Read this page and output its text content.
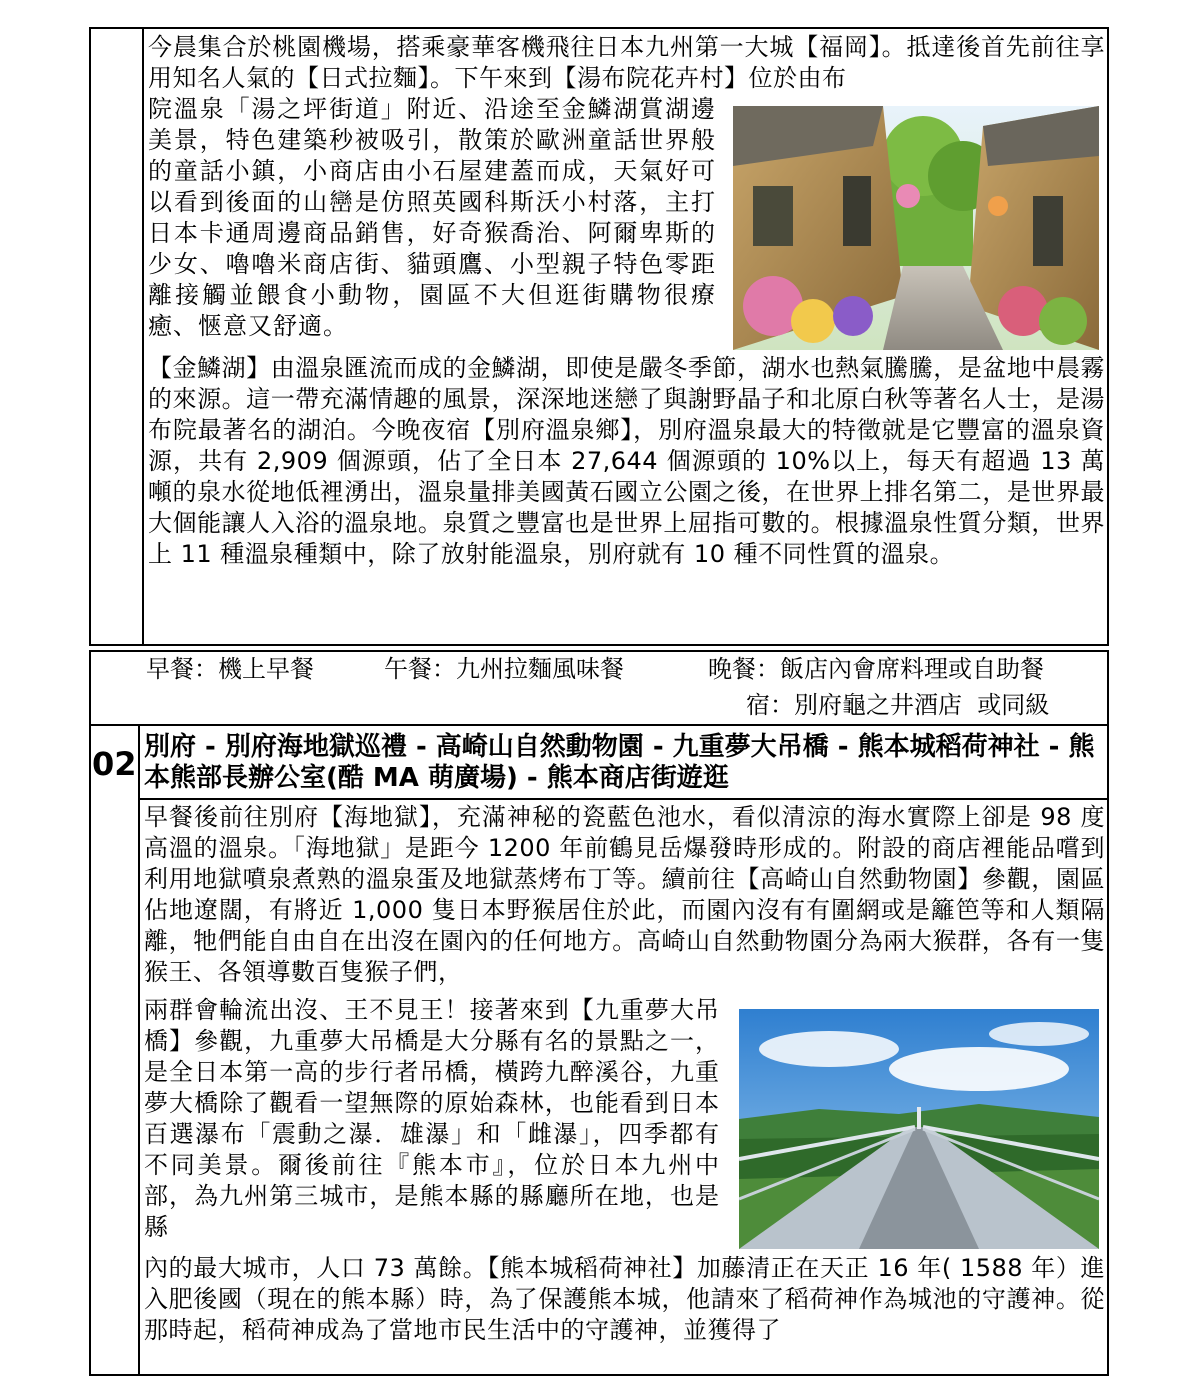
今晨集合於桃園機場，搭乘豪華客機飛往日本九州第一大城【福岡】。抵達後首先前往享用知名人氣的【日式拉麵】。下午來到【湯布院花卉村】位於由布

院溫泉「湯之坪街道」附近、沿途至金鱗湖賞湖邊美景，特色建築秒被吸引，散策於歐洲童話世界般的童話小鎮，小商店由小石屋建蓋而成，天氣好可以看到後面的山巒是仿照英國科斯沃小村落，主打日本卡通周邊商品銷售，好奇猴喬治、阿爾卑斯的少女、嚕嚕米商店街、貓頭鷹、小型親子特色零距離接觸並餵食小動物，園區不大但逛街購物很療癒、愜意又舒適。

【金鱗湖】由溫泉匯流而成的金鱗湖，即使是嚴冬季節，湖水也熱氣騰騰，是盆地中晨霧的來源。這一帶充滿情趣的風景，深深地迷戀了與謝野晶子和北原白秋等著名人士，是湯布院最著名的湖泊。今晚夜宿【別府溫泉鄉】，別府溫泉最大的特徵就是它豐富的溫泉資源，共有 2,909 個源頭，佔了全日本 27,644 個源頭的 10%以上，每天有超過 13 萬噸的泉水從地低裡湧出，溫泉量排美國黃石國立公園之後，在世界上排名第二，是世界最大個能讓人入浴的溫泉地。泉質之豐富也是世界上屈指可數的。根據溫泉性質分類，世界上 11 種溫泉種類中，除了放射能溫泉，別府就有 10 種不同性質的溫泉。

早餐：機上早餐	午餐：九州拉麵風味餐	晚餐：飯店內會席料理或自助餐
宿：別府龜之井酒店  或同級
02 別府 - 別府海地獄巡禮 - 高崎山自然動物園 - 九重夢大吊橋 - 熊本城稻荷神社 - 熊本熊部長辦公室(酷 MA 萌廣場) - 熊本商店街遊逛

早餐後前往別府【海地獄】，充滿神秘的瓷藍色池水，看似清涼的海水實際上卻是 98 度高溫的溫泉。「海地獄」是距今 1200 年前鶴見岳爆發時形成的。附設的商店裡能品嚐到利用地獄噴泉煮熟的溫泉蛋及地獄蒸烤布丁等。續前往【高崎山自然動物園】參觀，園區佔地遼闊，有將近 1,000 隻日本野猴居住於此，而園內沒有有圍網或是籬笆等和人類隔離，牠們能自由自在出沒在園內的任何地方。高崎山自然動物園分為兩大猴群，各有一隻猴王、各領導數百隻猴子們，

兩群會輪流出沒、王不見王！接著來到【九重夢大吊橋】參觀，九重夢大吊橋是大分縣有名的景點之一，是全日本第一高的步行者吊橋，橫跨九醉溪谷，九重夢大橋除了觀看一望無際的原始森林，也能看到日本百選瀑布「震動之瀑．雄瀑」和「雌瀑」，四季都有不同美景。爾後前往『熊本市』，位於日本九州中部，為九州第三城市，是熊本縣的縣廳所在地，也是縣

內的最大城市，人口 73 萬餘。【熊本城稻荷神社】加藤清正在天正 16 年( 1588 年）進入肥後國（現在的熊本縣）時，為了保護熊本城，他請來了稻荷神作為城池的守護神。從那時起，稻荷神成為了當地市民生活中的守護神，並獲得了
